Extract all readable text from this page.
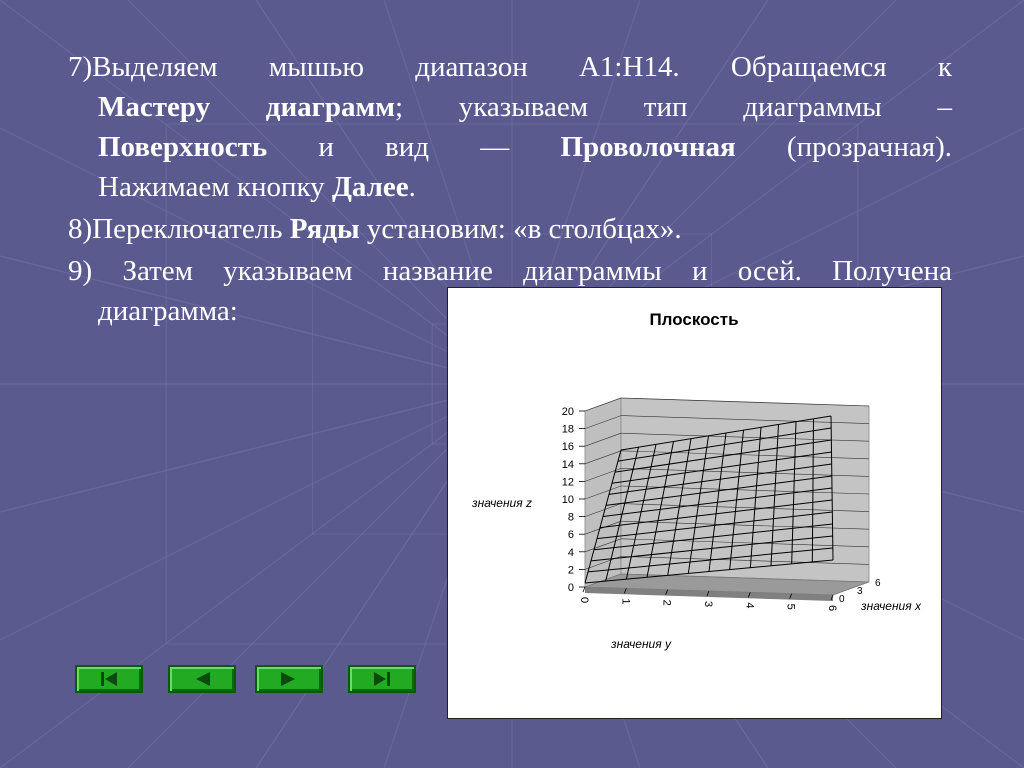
7)Выделяем мышью диапазон А1:Н14. Обращаемся к
Мастеру диаграмм; указываем тип диаграммы –
Поверхность и вид — Проволочная (прозрачная).
Нажимаем кнопку Далее.
8)Переключатель Ряды установим: «в столбцах».
9) Затем указываем название диаграммы и осей. Получена
диаграмма:	Плоскость
0
2
4
6
8
10
12
14
16
18
20
0	1	2	3	4	5	6
0
3
6
значения z
значения y
значения x
